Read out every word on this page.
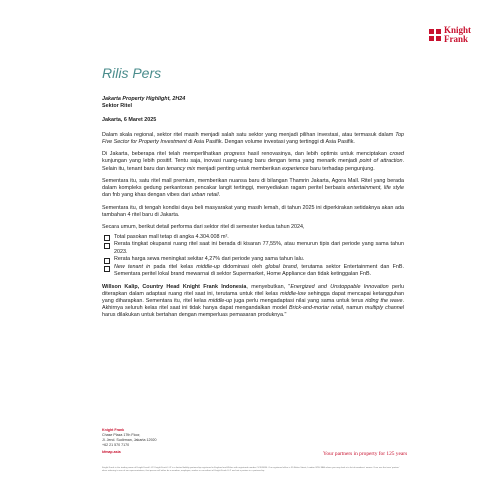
Knight
Frank
Rilis Pers

Jakarta Property Highlight, 2H24

Sektor Ritel

Jakarta, 6 Maret 2025

Dalam skala regional, sektor ritel masih menjadi salah satu sektor yang menjadi pilihan investasi, atau termasuk dalam Top Five Sector for Property Investment di Asia Pasifik. Dengan volume investasi yang tertinggi di Asia Pasifik.

Di Jakarta, beberapa ritel telah memperlihatkan progress hasil renovasinya, dan lebih optimis untuk menciptakan crowd kunjungan yang lebih positif. Tentu saja, inovasi ruang-ruang baru dengan tema yang menarik menjadi point of attraction. Selain itu, tenant baru dan tenancy mix menjadi penting untuk memberikan experience baru terhadap pengunjung.

Sementara itu, satu ritel mall premium, memberikan nuansa baru di bilangan Thamrin Jakarta, Agora Mall. Ritel yang berada dalam kompleks gedung perkantoran pencakar langit tertinggi, menyediakan ragam peritel berbasis entertainment, life style dan fnb yang khas dengan vibes dari urban retail.

Sementara itu, di tengah kondisi daya beli masyarakat yang masih lemah, di tahun 2025 ini diperkirakan setidaknya akan ada tambahan 4 ritel baru di Jakarta.

Secara umum, berikut detail performa dari sektor ritel di semester kedua tahun 2024,

Total pasokan mall tetap di angka 4.304.008 m².
Rerata tingkat okupansi ruang ritel saat ini berada di kisaran 77,55%, atau menurun tipis dari periode yang sama tahun 2023.
Rerata harga sewa meningkat sekitar 4,27% dari periode yang sama tahun lalu.
New tenant in pada ritel kelas middle-up didominasi oleh global brand, terutama sektor Entertainment dan FnB. Sementara peritel lokal brand mewarnai di sektor Supermarket, Home Appliance dan tidak ketinggalan FnB.

Willson Kalip, Country Head Knight Frank Indonesia, menyebutkan, "Energized and Unstoppable Innovation perlu diterapkan dalam adaptasi ruang ritel saat ini, terutama untuk ritel kelas middle-low sehingga dapat mencapai ketangguhan yang diharapkan. Sementara itu, ritel kelas middle-up juga perlu mengadaptasi nilai yang sama untuk terus riding the wave. Akhirnya seluruh kelas ritel saat ini tidak hanya dapat mengandalkan model Brick-and-mortar retail, namun multiply channel harus dilakukan untuk bertahan dengan memperluas pemasaran produknya."

Knight Frank
Chase Plaza 17th Floor,
Jl. Jend. Sudirman, Jakarta 12920
+62 21 570 7170
kfmap.asia	Your partners in property for 125 years
Knight Frank is the trading name of Knight Frank LLP. Knight Frank LLP is a limited liability partnership registered in England and Wales with registered number OC305934. Our registered office is 55 Baker Street, London W1U 8AN where you may look at a list of members' names. If we use the term 'partner' when referring to one of our representatives, that person will either be a member, employee, worker or consultant of Knight Frank LLP and not a partner in a partnership.
